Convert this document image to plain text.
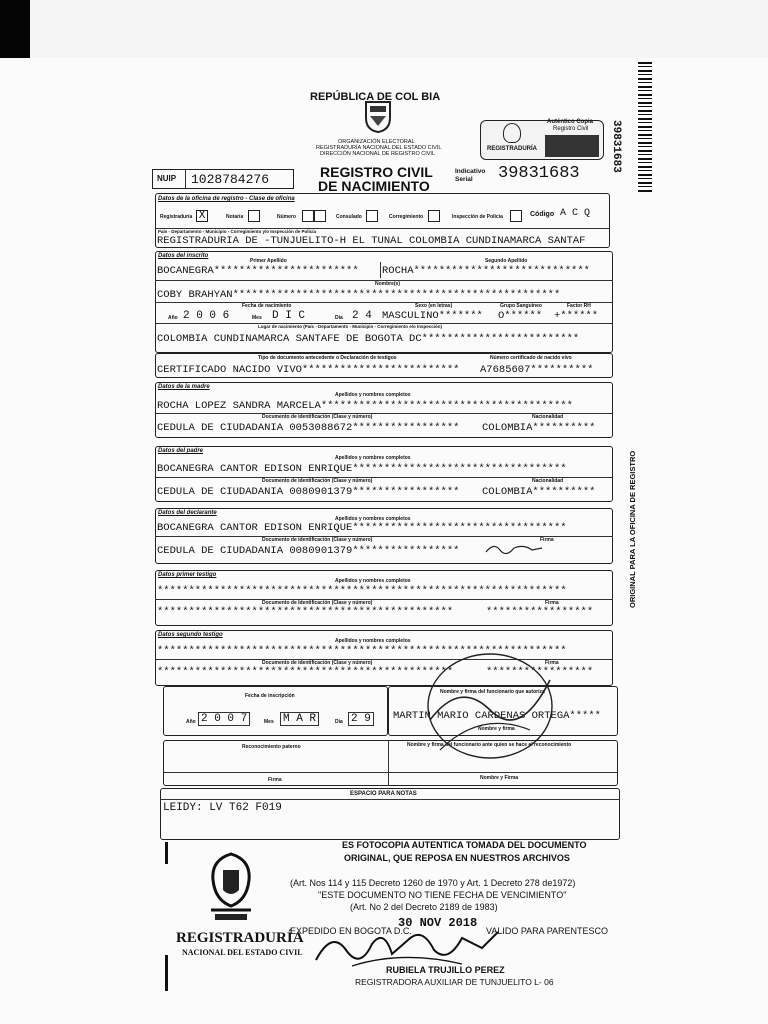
REPÚBLICA DE COL BIA
ORGANIZACIÓN ELECTORAL
REGISTRADURÍA NACIONAL DEL ESTADO CIVIL
DIRECCIÓN NACIONAL DE REGISTRO CIVIL
Auténtico Copia
Registro Civil
REGISTRADURÍA
NUIP 1028784276	REGISTRO CIVIL
DE NACIMIENTO
Indicativo
Serial 39831683
39831683
Datos de la oficina de registro - Clase de oficina
Registraduría X	Notaría	Número	Consulado	Corregimiento	Inspección de Policía	Código A C Q
País - Departamento - Municipio - Corregimiento y/o Inspección de Policía
REGISTRADURIA DE -TUNJUELITO-H EL TUNAL COLOMBIA CUNDINAMARCA SANTAF
Datos del inscrito
Primer Apellido	Segundo Apellido
BOCANEGRA***********************	ROCHA****************************
Nombre(s)
COBY BRAHYAN****************************************************
Fecha de nacimiento
Año 2 0 0 6	Mes D I C	Día 2 4
Sexo (en letras)
MASCULINO*******
Grupo Sanguíneo
O******
Factor RH
+******
Lugar de nacimiento (País - Departamento - Municipio - Corregimiento e/o Inspección)
COLOMBIA CUNDINAMARCA SANTAFE DE BOGOTA DC*************************
Tipo de documento antecedente o Declaración de testigos
CERTIFICADO NACIDO VIVO*************************
Número certificado de nacido vivo
A7685607**********
Datos de la madre
Apellidos y nombres completos
ROCHA LOPEZ SANDRA MARCELA****************************************
Documento de identificación (Clase y número)
CEDULA DE CIUDADANIA 0053088672*****************
Nacionalidad
COLOMBIA**********
Datos del padre
Apellidos y nombres completos
BOCANEGRA CANTOR EDISON ENRIQUE**********************************
Documento de identificación (Clase y número)
CEDULA DE CIUDADANIA 0080901379*****************
Nacionalidad
COLOMBIA**********
Datos del declarante
Apellidos y nombres completos
BOCANEGRA CANTOR EDISON ENRIQUE**********************************
Documento de identificación (Clase y número)
CEDULA DE CIUDADANIA 0080901379*****************
Firma
Datos primer testigo
Apellidos y nombres completos
*****************************************************************
Documento de Identificación (Clase y número)
***********************************************
Firma
*****************
Datos segundo testigo
Apellidos y nombres completos
*****************************************************************
Documento de identificación (Clase y número)
***********************************************
Firma
*****************
Fecha de inscripción
Año 2 0 0 7	Mes M A R	Día 2 9
Nombre y firma del funcionario que autoriza
MARTIN MARIO CARDENAS ORTEGA*****
Nombre y firma
Reconocimiento paterno	Nombre y firma del funcionario ante quien se hace el reconocimiento
Firma	Nombre y Firma
ESPACIO PARA NOTAS
LEIDY: LV T62 F019
ORIGINAL PARA LA OFICINA DE REGISTRO
ES FOTOCOPIA AUTENTICA TOMADA DEL DOCUMENTO
ORIGINAL, QUE REPOSA EN NUESTROS ARCHIVOS
(Art. Nos 114 y 115 Decreto 1260 de 1970 y Art. 1 Decreto 278 de1972)
"ESTE DOCUMENTO NO TIENE FECHA DE VENCIMIENTO"
(Art. No 2 del Decreto 2189 de 1983)
REGISTRADURÍA
NACIONAL DEL ESTADO CIVIL
EXPEDIDO EN BOGOTA D.C.
30 NOV 2018
VALIDO PARA PARENTESCO
RUBIELA TRUJILLO PEREZ
REGISTRADORA AUXILIAR DE TUNJUELITO L- 06
